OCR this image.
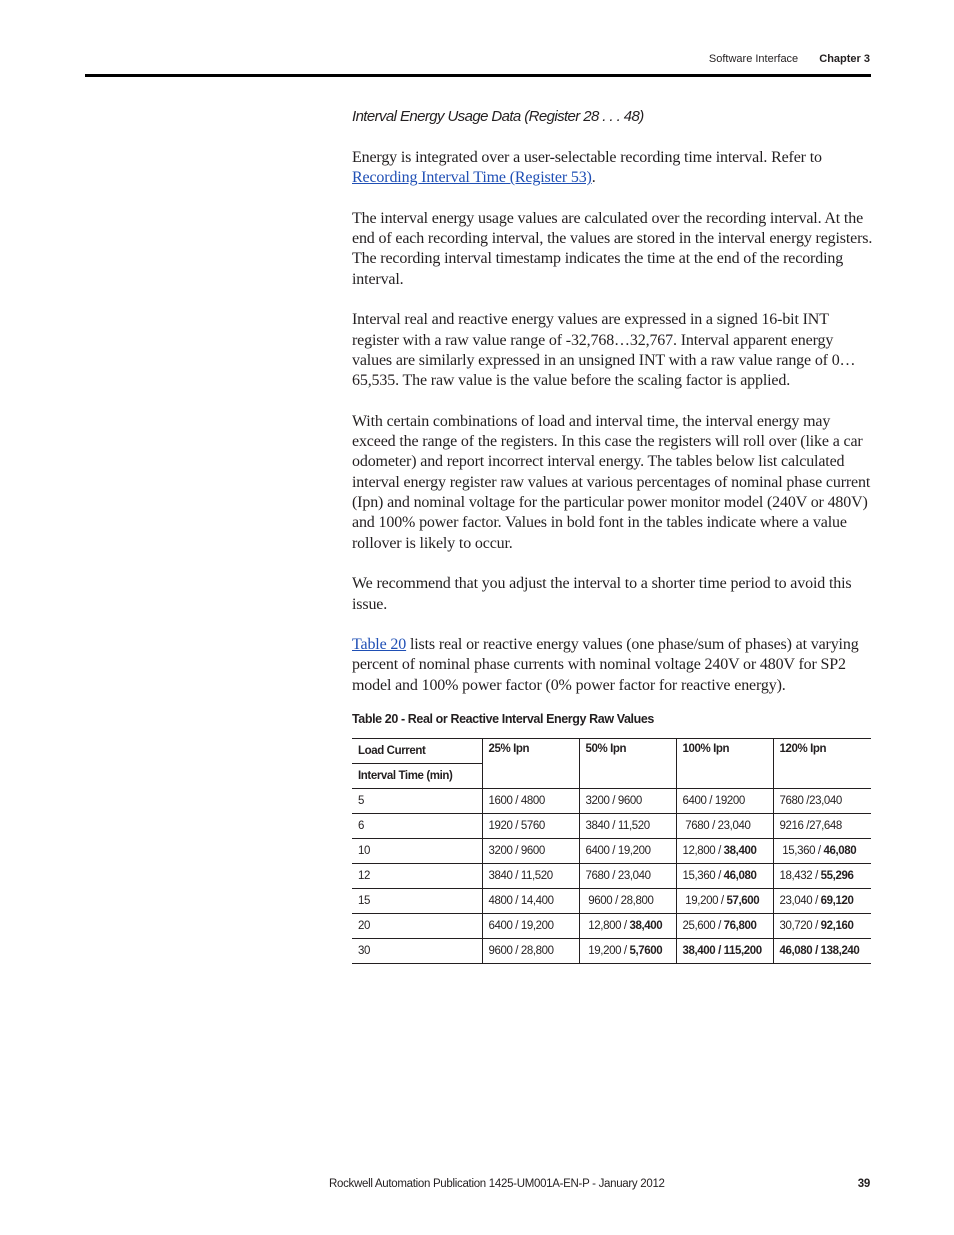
Software Interface Chapter 3
Interval Energy Usage Data (Register 28 . . . 48)

Energy is integrated over a user-selectable recording time interval. Refer to Recording Interval Time (Register 53).

The interval energy usage values are calculated over the recording interval. At the end of each recording interval, the values are stored in the interval energy registers. The recording interval timestamp indicates the time at the end of the recording interval.

Interval real and reactive energy values are expressed in a signed 16-bit INT register with a raw value range of -32,768…32,767. Interval apparent energy values are similarly expressed in an unsigned INT with a raw value range of 0…65,535. The raw value is the value before the scaling factor is applied.

With certain combinations of load and interval time, the interval energy may exceed the range of the registers. In this case the registers will roll over (like a car odometer) and report incorrect interval energy. The tables below list calculated interval energy register raw values at various percentages of nominal phase current (Ipn) and nominal voltage for the particular power monitor model (240V or 480V) and 100% power factor. Values in bold font in the tables indicate where a value rollover is likely to occur.

We recommend that you adjust the interval to a shorter time period to avoid this issue.

Table 20 lists real or reactive energy values (one phase/sum of phases) at varying percent of nominal phase currents with nominal voltage 240V or 480V for SP2 model and 100% power factor (0% power factor for reactive energy).

Table 20 - Real or Reactive Interval Energy Raw Values
Load Current	25% Ipn	50% Ipn	100% Ipn	120% Ipn
Interval Time (min)				
5	1600 / 4800	3200 / 9600	6400 / 19200	7680 /23,040
6	1920 / 5760	3840 / 11,520	7680 / 23,040	9216 /27,648
10	3200 / 9600	6400 / 19,200	12,800 / 38,400	15,360 / 46,080
12	3840 / 11,520	7680 / 23,040	15,360 / 46,080	18,432 / 55,296
15	4800 / 14,400	9600 / 28,800	19,200 / 57,600	23,040 / 69,120
20	6400 / 19,200	12,800 / 38,400	25,600 / 76,800	30,720 / 92,160
30	9600 / 28,800	19,200 / 5,7600	38,400 / 115,200	46,080 / 138,240
Rockwell Automation Publication 1425-UM001A-EN-P - January 2012	39
